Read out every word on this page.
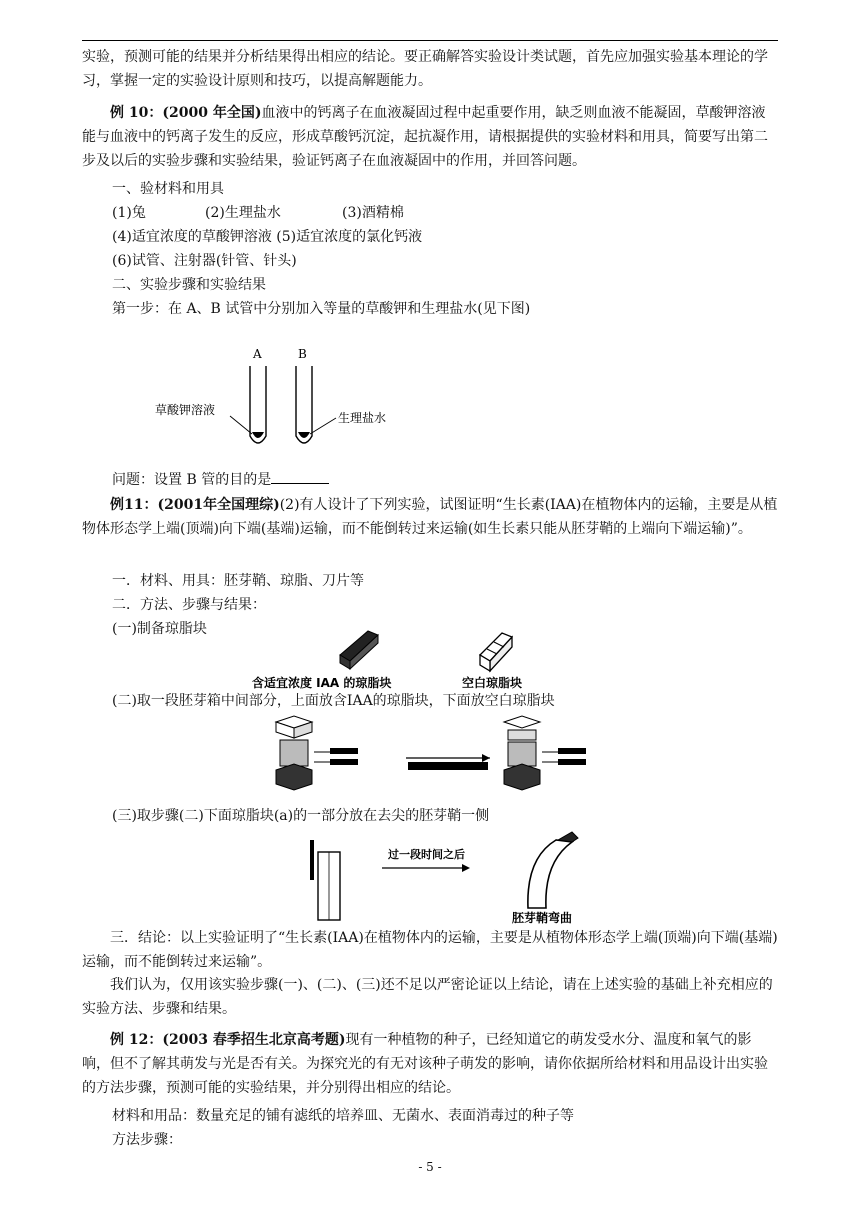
实验，预测可能的结果并分析结果得出相应的结论。要正确解答实验设计类试题，首先应加强实验基本理论的学习，掌握一定的实验设计原则和技巧，以提高解题能力。

例 10：(2000 年全国)血液中的钙离子在血液凝固过程中起重要作用，缺乏则血液不能凝固，草酸钾溶液能与血液中的钙离子发生的反应，形成草酸钙沉淀，起抗凝作用，请根据提供的实验材料和用具，简要写出第二步及以后的实验步骤和实验结果，验证钙离子在血液凝固中的作用，并回答问题。

一、验材料和用具
(1)兔	(2)生理盐水	(3)酒精棉
(4)适宜浓度的草酸钾溶液 (5)适宜浓度的氯化钙液
(6)试管、注射器(针管、针头)
二、实验步骤和实验结果
第一步：在 A、B 试管中分别加入等量的草酸钾和生理盐水(见下图)
A	B
草酸钾溶液
生理盐水
问题：设置 B 管的目的是

例11：(2001年全国理综)(2)有人设计了下列实验，试图证明“生长素(IAA)在植物体内的运输，主要是从植物体形态学上端(顶端)向下端(基端)运输，而不能倒转过来运输(如生长素只能从胚芽鞘的上端向下端运输)”。

一．材料、用具：胚芽鞘、琼脂、刀片等
二．方法、步骤与结果：
(一)制备琼脂块
含适宜浓度 IAA 的琼脂块	空白琼脂块
(二)取一段胚芽箱中间部分，上面放含IAA的琼脂块，下面放空白琼脂块
(三)取步骤(二)下面琼脂块(a)的一部分放在去尖的胚芽鞘一侧
过一段时间之后
胚芽鞘弯曲

三．结论：以上实验证明了“生长素(IAA)在植物体内的运输，主要是从植物体形态学上端(顶端)向下端(基端)运输，而不能倒转过来运输”。

我们认为，仅用该实验步骤(一)、(二)、(三)还不足以严密论证以上结论，请在上述实验的基础上补充相应的实验方法、步骤和结果。

例 12：(2003 春季招生北京高考题)现有一种植物的种子，已经知道它的萌发受水分、温度和氧气的影响，但不了解其萌发与光是否有关。为探究光的有无对该种子萌发的影响，请你依据所给材料和用品设计出实验的方法步骤，预测可能的实验结果，并分别得出相应的结论。

材料和用品：数量充足的铺有滤纸的培养皿、无菌水、表面消毒过的种子等
方法步骤：
- 5 -
